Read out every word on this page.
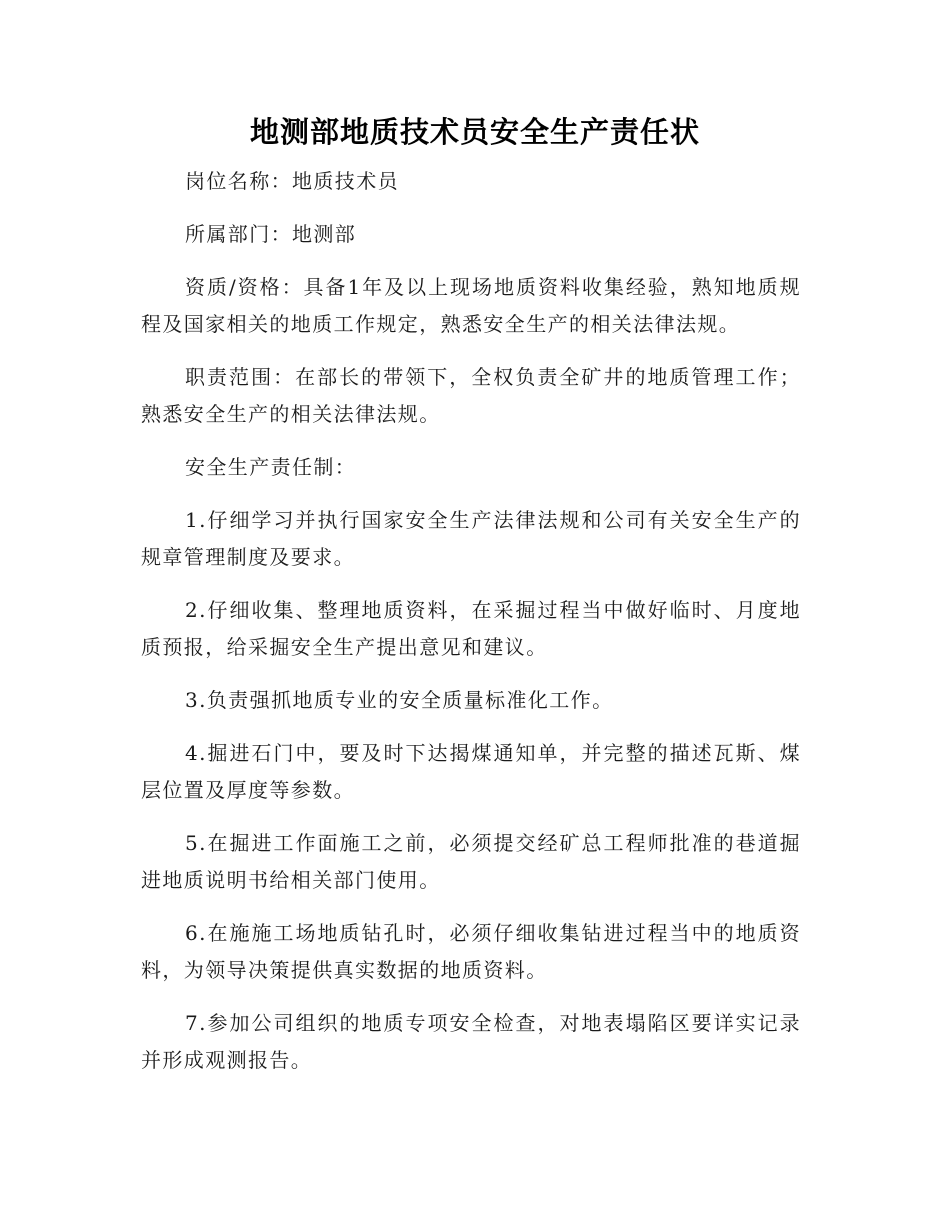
地测部地质技术员安全生产责任状

岗位名称：地质技术员

所属部门：地测部

资质/资格：具备1年及以上现场地质资料收集经验，熟知地质规程及国家相关的地质工作规定，熟悉安全生产的相关法律法规。

职责范围：在部长的带领下，全权负责全矿井的地质管理工作；熟悉安全生产的相关法律法规。

安全生产责任制：

1.仔细学习并执行国家安全生产法律法规和公司有关安全生产的规章管理制度及要求。

2.仔细收集、整理地质资料，在采掘过程当中做好临时、月度地质预报，给采掘安全生产提出意见和建议。

3.负责强抓地质专业的安全质量标准化工作。

4.掘进石门中，要及时下达揭煤通知单，并完整的描述瓦斯、煤层位置及厚度等参数。

5.在掘进工作面施工之前，必须提交经矿总工程师批准的巷道掘进地质说明书给相关部门使用。

6.在施施工场地质钻孔时，必须仔细收集钻进过程当中的地质资料，为领导决策提供真实数据的地质资料。

7.参加公司组织的地质专项安全检查，对地表塌陷区要详实记录并形成观测报告。
